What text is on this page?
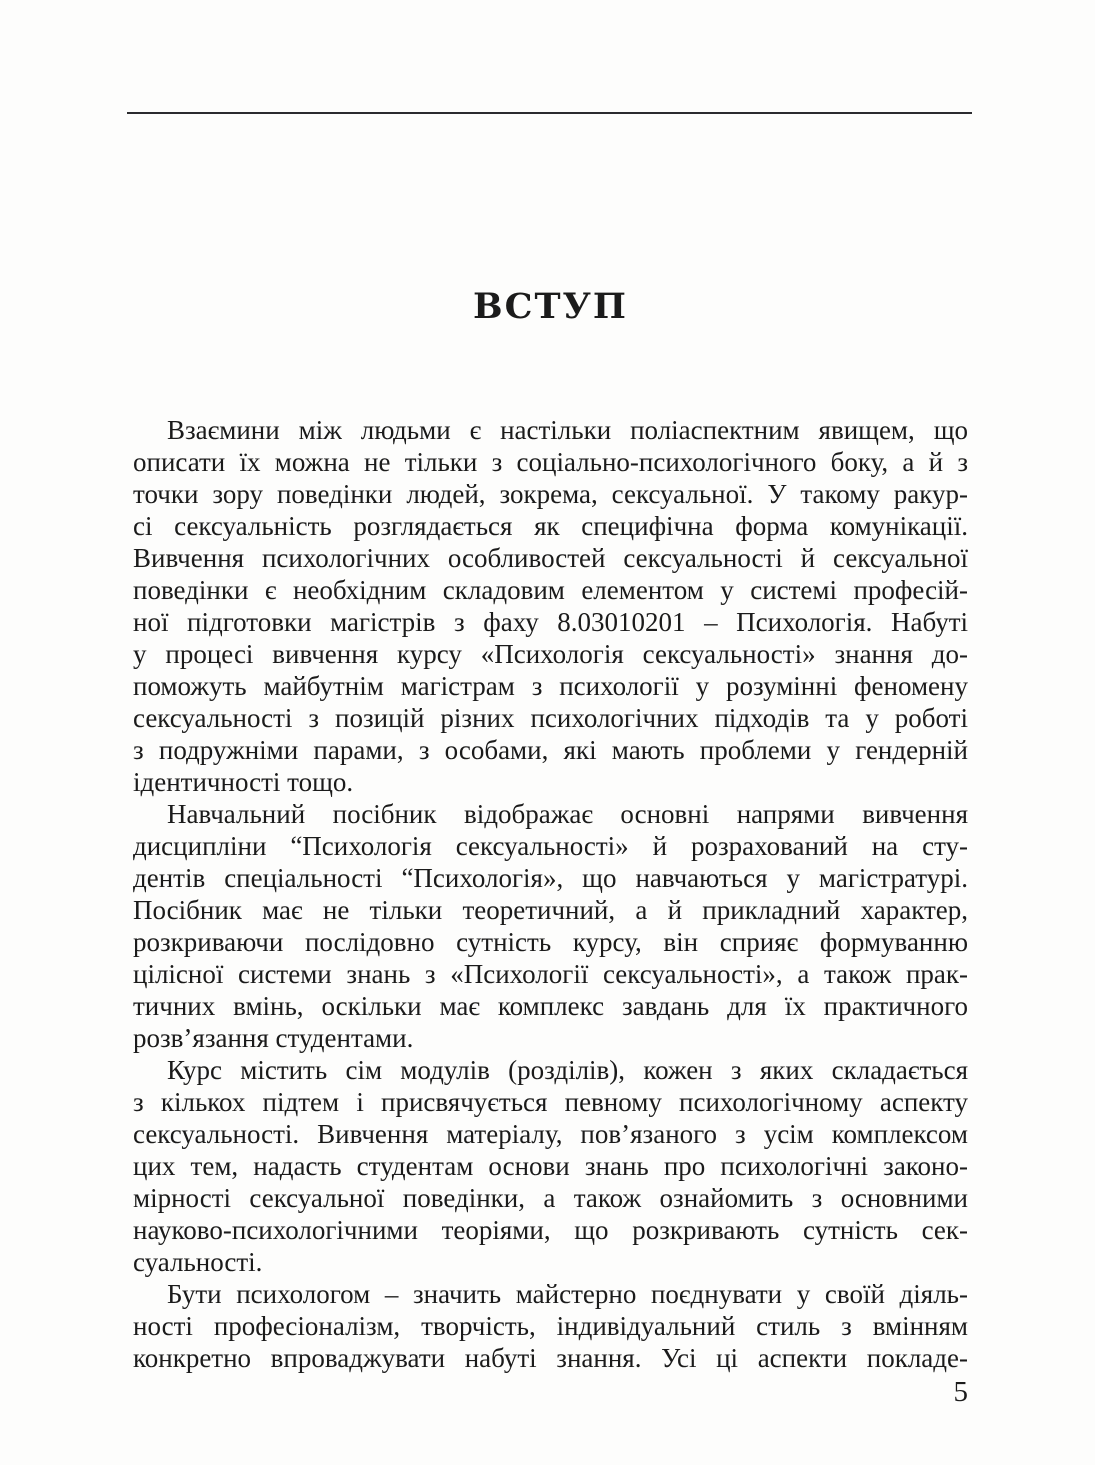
ВСТУП
Взаємини між людьми є настільки поліаспектним явищем, що
описати їх можна не тільки з соціально-психологічного боку, а й з
точки зору поведінки людей, зокрема, сексуальної. У такому ракур-
сі сексуальність розглядається як специфічна форма комунікації.
Вивчення психологічних особливостей сексуальності й сексуальної
поведінки є необхідним складовим елементом у системі професій-
ної підготовки магістрів з фаху 8.03010201 – Психологія. Набуті
у процесі вивчення курсу «Психологія сексуальності» знання до-
поможуть майбутнім магістрам з психології у розумінні феномену
сексуальності з позицій різних психологічних підходів та у роботі
з подружніми парами, з особами, які мають проблеми у гендерній
ідентичності тощо.
Навчальний посібник відображає основні напрями вивчення
дисципліни “Психологія сексуальності» й розрахований на сту-
дентів спеціальності “Психологія», що навчаються у магістратурі.
Посібник має не тільки теоретичний, а й прикладний характер,
розкриваючи послідовно сутність курсу, він сприяє формуванню
цілісної системи знань з «Психології сексуальності», а також прак-
тичних вмінь, оскільки має комплекс завдань для їх практичного
розв’язання студентами.
Курс містить сім модулів (розділів), кожен з яких складається
з кількох підтем і присвячується певному психологічному аспекту
сексуальності. Вивчення матеріалу, пов’язаного з усім комплексом
цих тем, надасть студентам основи знань про психологічні законо-
мірності сексуальної поведінки, а також ознайомить з основними
науково-психологічними теоріями, що розкривають сутність сек-
суальності.
Бути психологом – значить майстерно поєднувати у своїй діяль-
ності професіоналізм, творчість, індивідуальний стиль з вмінням
конкретно впроваджувати набуті знання. Усі ці аспекти покладе-
5
